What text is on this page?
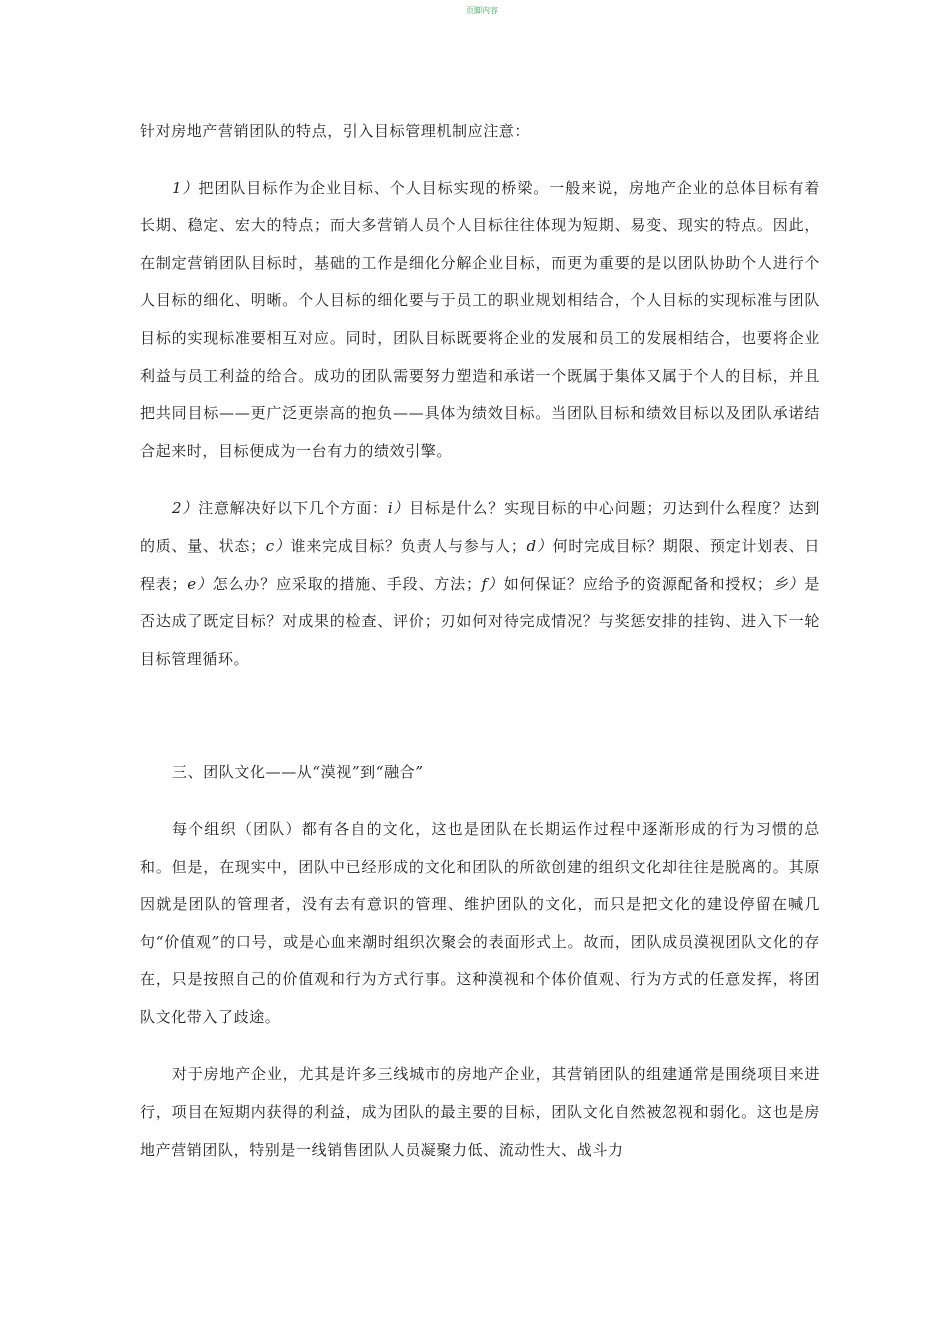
页脚内容

针对房地产营销团队的特点，引入目标管理机制应注意：

1）把团队目标作为企业目标、个人目标实现的桥梁。一般来说，房地产企业的总体目标有着长期、稳定、宏大的特点；而大多营销人员个人目标往往体现为短期、易变、现实的特点。因此，在制定营销团队目标时，基础的工作是细化分解企业目标，而更为重要的是以团队协助个人进行个人目标的细化、明晰。个人目标的细化要与于员工的职业规划相结合，个人目标的实现标准与团队目标的实现标准要相互对应。同时，团队目标既要将企业的发展和员工的发展相结合，也要将企业利益与员工利益的给合。成功的团队需要努力塑造和承诺一个既属于集体又属于个人的目标，并且把共同目标——更广泛更崇高的抱负——具体为绩效目标。当团队目标和绩效目标以及团队承诺结合起来时，目标便成为一台有力的绩效引擎。

2）注意解决好以下几个方面：ⅰ）目标是什么？实现目标的中心问题；刃达到什么程度？达到的质、量、状态；c）谁来完成目标？负责人与参与人；d）何时完成目标？期限、预定计划表、日程表；e）怎么办？应采取的措施、手段、方法；f）如何保证？应给予的资源配备和授权；乡）是否达成了既定目标？对成果的检查、评价；刃如何对待完成情况？与奖惩安排的挂钩、进入下一轮目标管理循环。

三、团队文化——从“漠视”到“融合”

每个组织（团队）都有各自的文化，这也是团队在长期运作过程中逐渐形成的行为习惯的总和。但是，在现实中，团队中已经形成的文化和团队的所欲创建的组织文化却往往是脱离的。其原因就是团队的管理者，没有去有意识的管理、维护团队的文化，而只是把文化的建设停留在喊几句“价值观”的口号，或是心血来潮时组织次聚会的表面形式上。故而，团队成员漠视团队文化的存在，只是按照自己的价值观和行为方式行事。这种漠视和个体价值观、行为方式的任意发挥，将团队文化带入了歧途。

对于房地产企业，尤其是许多三线城市的房地产企业，其营销团队的组建通常是围绕项目来进行，项目在短期内获得的利益，成为团队的最主要的目标，团队文化自然被忽视和弱化。这也是房地产营销团队，特别是一线销售团队人员凝聚力低、流动性大、战斗力
